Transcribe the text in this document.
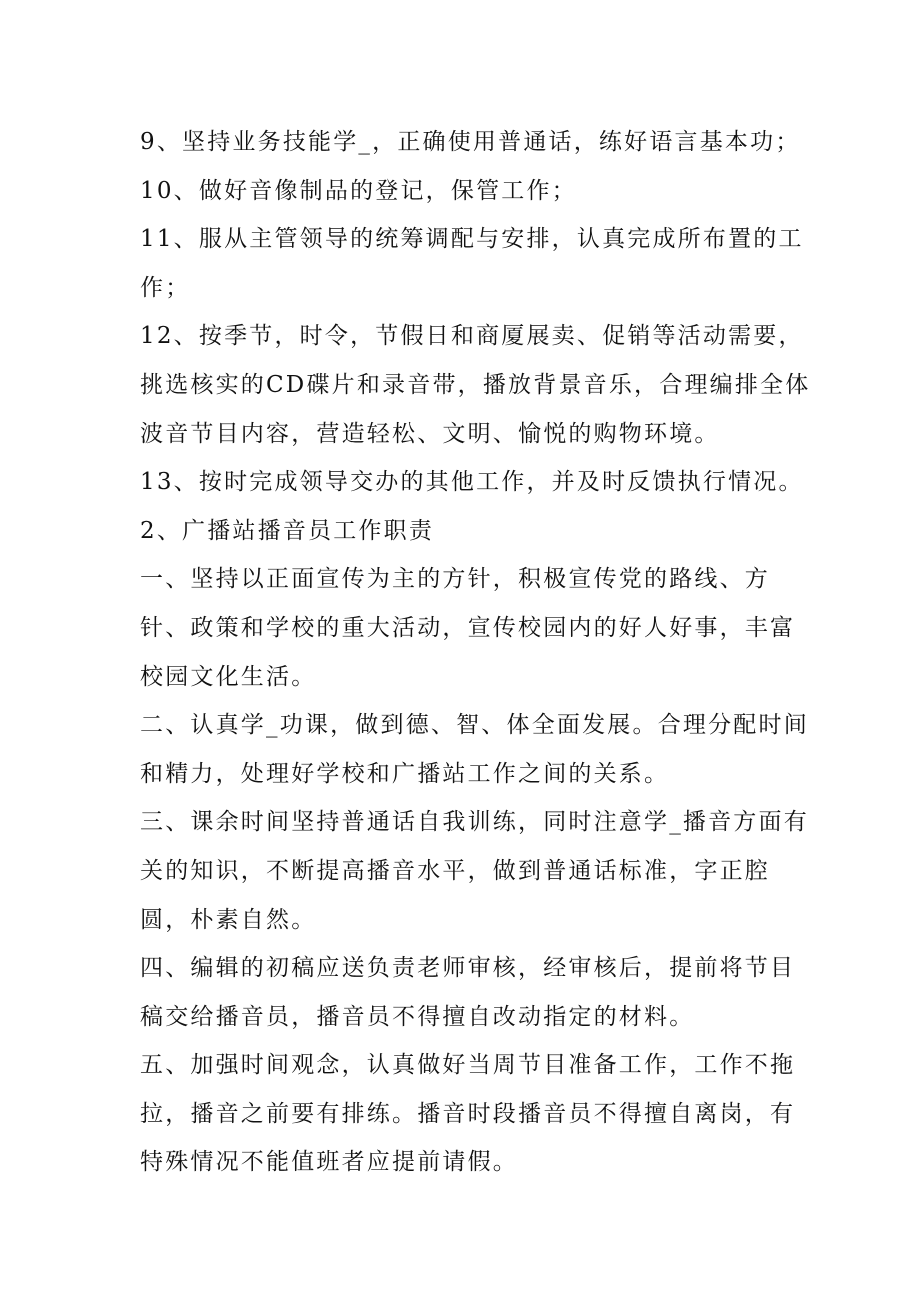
9、坚持业务技能学_，正确使用普通话，练好语言基本功；

10、做好音像制品的登记，保管工作；

11、服从主管领导的统筹调配与安排，认真完成所布置的工作；

12、按季节，时令，节假日和商厦展卖、促销等活动需要，挑选核实的CD碟片和录音带，播放背景音乐，合理编排全体波音节目内容，营造轻松、文明、愉悦的购物环境。

13、按时完成领导交办的其他工作，并及时反馈执行情况。

2、广播站播音员工作职责

一、坚持以正面宣传为主的方针，积极宣传党的路线、方针、政策和学校的重大活动，宣传校园内的好人好事，丰富校园文化生活。

二、认真学_功课，做到德、智、体全面发展。合理分配时间和精力，处理好学校和广播站工作之间的关系。

三、课余时间坚持普通话自我训练，同时注意学_播音方面有关的知识，不断提高播音水平，做到普通话标准，字正腔圆，朴素自然。

四、编辑的初稿应送负责老师审核，经审核后，提前将节目稿交给播音员，播音员不得擅自改动指定的材料。

五、加强时间观念，认真做好当周节目准备工作，工作不拖拉，播音之前要有排练。播音时段播音员不得擅自离岗，有特殊情况不能值班者应提前请假。
